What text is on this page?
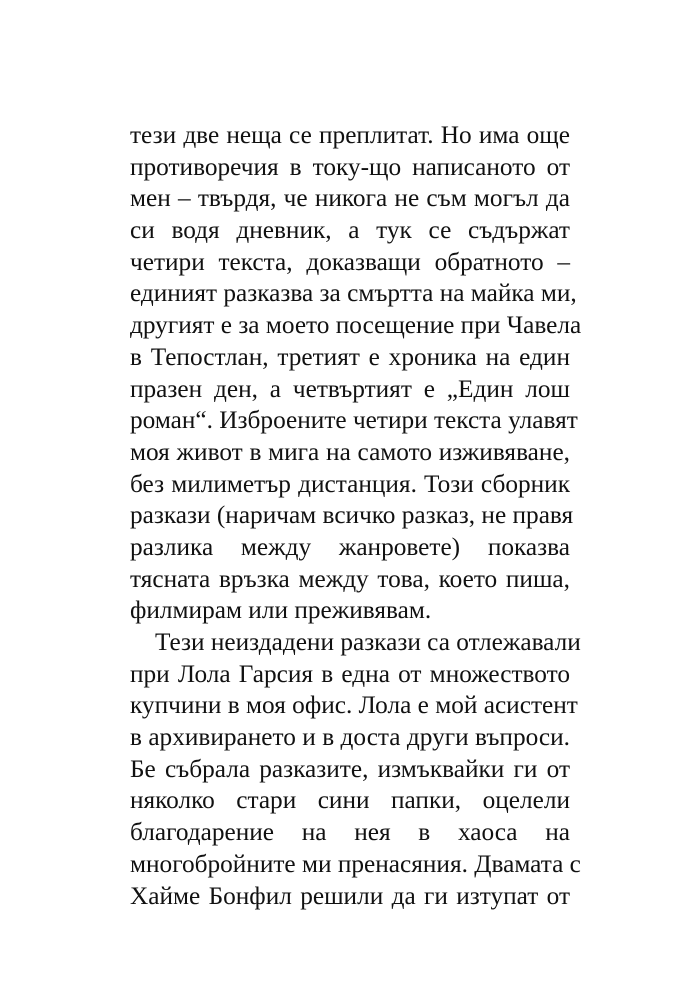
тези две неща се преплитат. Но има още
противоречия в току-що написаното от
мен – твърдя, че никога не съм могъл да
си водя дневник, а тук се съдържат
четири текста, доказващи обратното –
единият разказва за смъртта на майка ми,
другият е за моето посещение при Чавела
в Тепостлан, третият е хроника на един
празен ден, а четвъртият е „Един лош
роман“. Изброените четири текста улавят
моя живот в мига на самото изживяване,
без милиметър дистанция. Този сборник
разкази (наричам всичко разказ, не правя
разлика между жанровете) показва
тясната връзка между това, което пиша,
филмирам или преживявам.
Тези неиздадени разкази са отлежавали
при Лола Гарсия в една от множеството
купчини в моя офис. Лола е мой асистент
в архивирането и в доста други въпроси.
Бе събрала разказите, измъквайки ги от
няколко стари сини папки, оцелели
благодарение на нея в хаоса на
многобройните ми пренасяния. Двамата с
Хайме Бонфил решили да ги изтупат от
